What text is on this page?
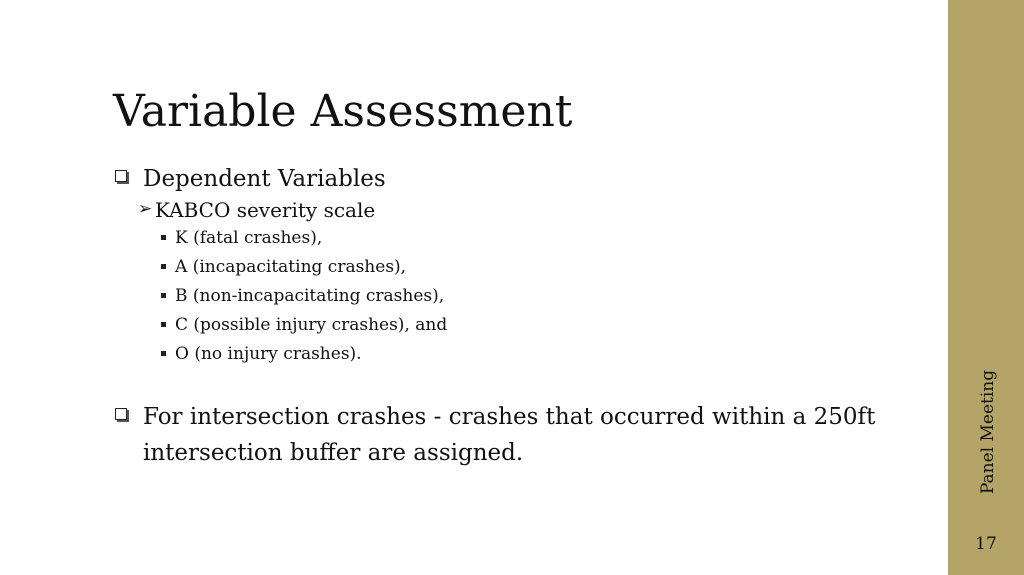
Variable Assessment
Dependent Variables
➢ KABCO severity scale
K (fatal crashes),
A (incapacitating crashes),
B (non-incapacitating crashes),
C (possible injury crashes), and
O (no injury crashes).
For intersection crashes - crashes that occurred within a 250ft intersection buffer are assigned.	Panel Meeting
17
